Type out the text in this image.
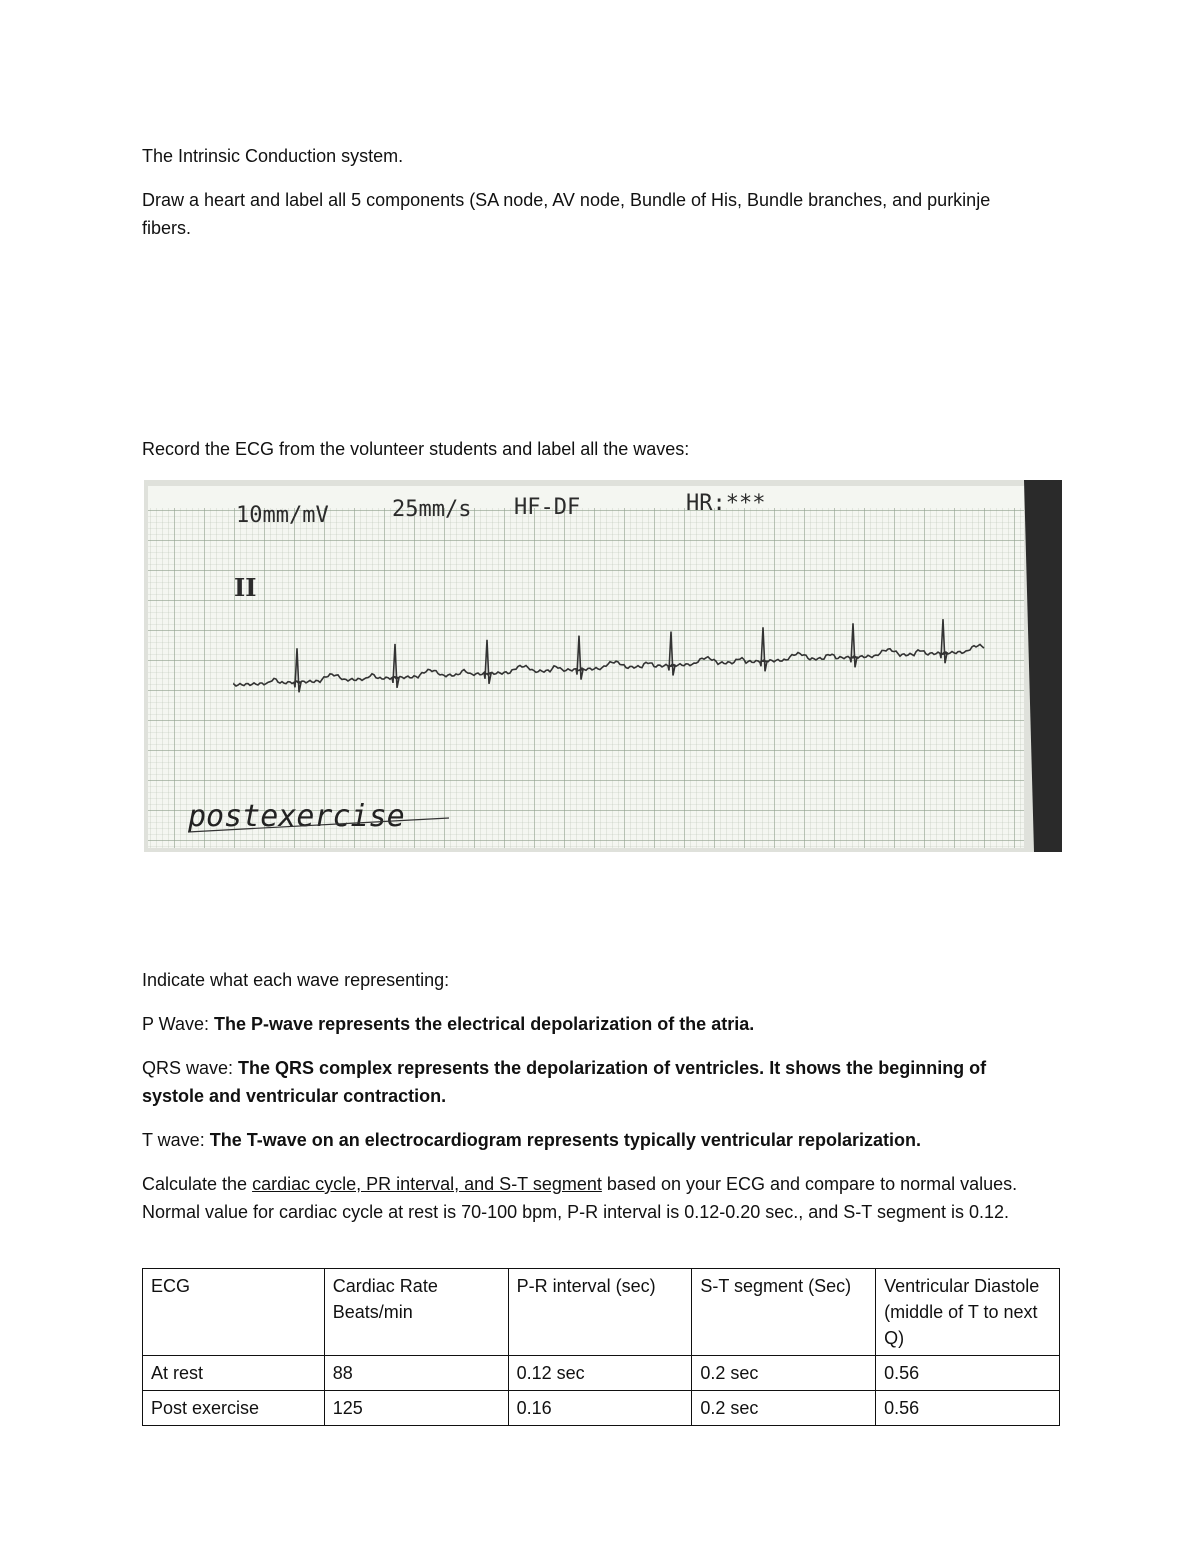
The Intrinsic Conduction system.
Draw a heart and label all 5 components (SA node, AV node, Bundle of His, Bundle branches, and purkinje fibers.
Record the ECG from the volunteer students and label all the waves:
10mm/mV	25mm/s HF-DF	HR:***
II
postexercise
Indicate what each wave representing:
P Wave: The P-wave represents the electrical depolarization of the atria.
QRS wave: The QRS complex represents the depolarization of ventricles. It shows the beginning of systole and ventricular contraction.
T wave: The T-wave on an electrocardiogram represents typically ventricular repolarization.
Calculate the cardiac cycle, PR interval, and S-T segment based on your ECG and compare to normal values. Normal value for cardiac cycle at rest is 70-100 bpm, P-R interval is 0.12-0.20 sec., and S-T segment is 0.12.
ECG	Cardiac Rate Beats/min	P-R interval (sec)	S-T segment (Sec)	Ventricular Diastole (middle of T to next Q)
At rest	88	0.12 sec	0.2 sec	0.56
Post exercise	125	0.16	0.2 sec	0.56
